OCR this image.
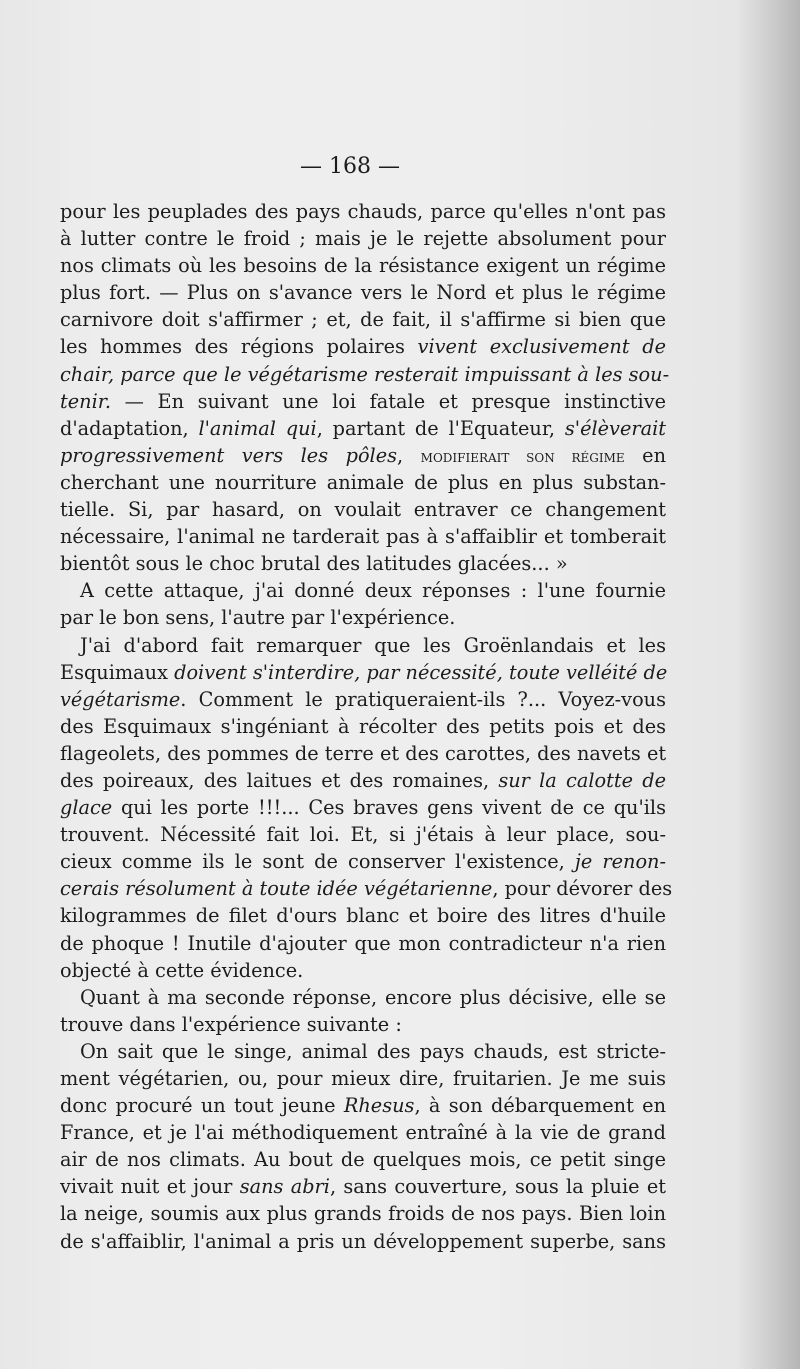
— 168 —
pour les peuplades des pays chauds, parce qu'elles n'ont pas
à lutter contre le froid ; mais je le rejette absolument pour
nos climats où les besoins de la résistance exigent un régime
plus fort. — Plus on s'avance vers le Nord et plus le régime
carnivore doit s'affirmer ; et, de fait, il s'affirme si bien que
les hommes des régions polaires vivent exclusivement de
chair, parce que le végétarisme resterait impuissant à les sou-
tenir. — En suivant une loi fatale et presque instinctive
d'adaptation, l'animal qui, partant de l'Equateur, s'élèverait
progressivement vers les pôles, modifierait son régime en
cherchant une nourriture animale de plus en plus substan-
tielle. Si, par hasard, on voulait entraver ce changement
nécessaire, l'animal ne tarderait pas à s'affaiblir et tomberait
bientôt sous le choc brutal des latitudes glacées... »
A cette attaque, j'ai donné deux réponses : l'une fournie
par le bon sens, l'autre par l'expérience.
J'ai d'abord fait remarquer que les Groënlandais et les
Esquimaux doivent s'interdire, par nécessité, toute velléité de
végétarisme. Comment le pratiqueraient-ils ?... Voyez-vous
des Esquimaux s'ingéniant à récolter des petits pois et des
flageolets, des pommes de terre et des carottes, des navets et
des poireaux, des laitues et des romaines, sur la calotte de
glace qui les porte !!!... Ces braves gens vivent de ce qu'ils
trouvent. Nécessité fait loi. Et, si j'étais à leur place, sou-
cieux comme ils le sont de conserver l'existence, je renon-
cerais résolument à toute idée végétarienne, pour dévorer des
kilogrammes de filet d'ours blanc et boire des litres d'huile
de phoque ! Inutile d'ajouter que mon contradicteur n'a rien
objecté à cette évidence.
Quant à ma seconde réponse, encore plus décisive, elle se
trouve dans l'expérience suivante :
On sait que le singe, animal des pays chauds, est stricte-
ment végétarien, ou, pour mieux dire, fruitarien. Je me suis
donc procuré un tout jeune Rhesus, à son débarquement en
France, et je l'ai méthodiquement entraîné à la vie de grand
air de nos climats. Au bout de quelques mois, ce petit singe
vivait nuit et jour sans abri, sans couverture, sous la pluie et
la neige, soumis aux plus grands froids de nos pays. Bien loin
de s'affaiblir, l'animal a pris un développement superbe, sans
